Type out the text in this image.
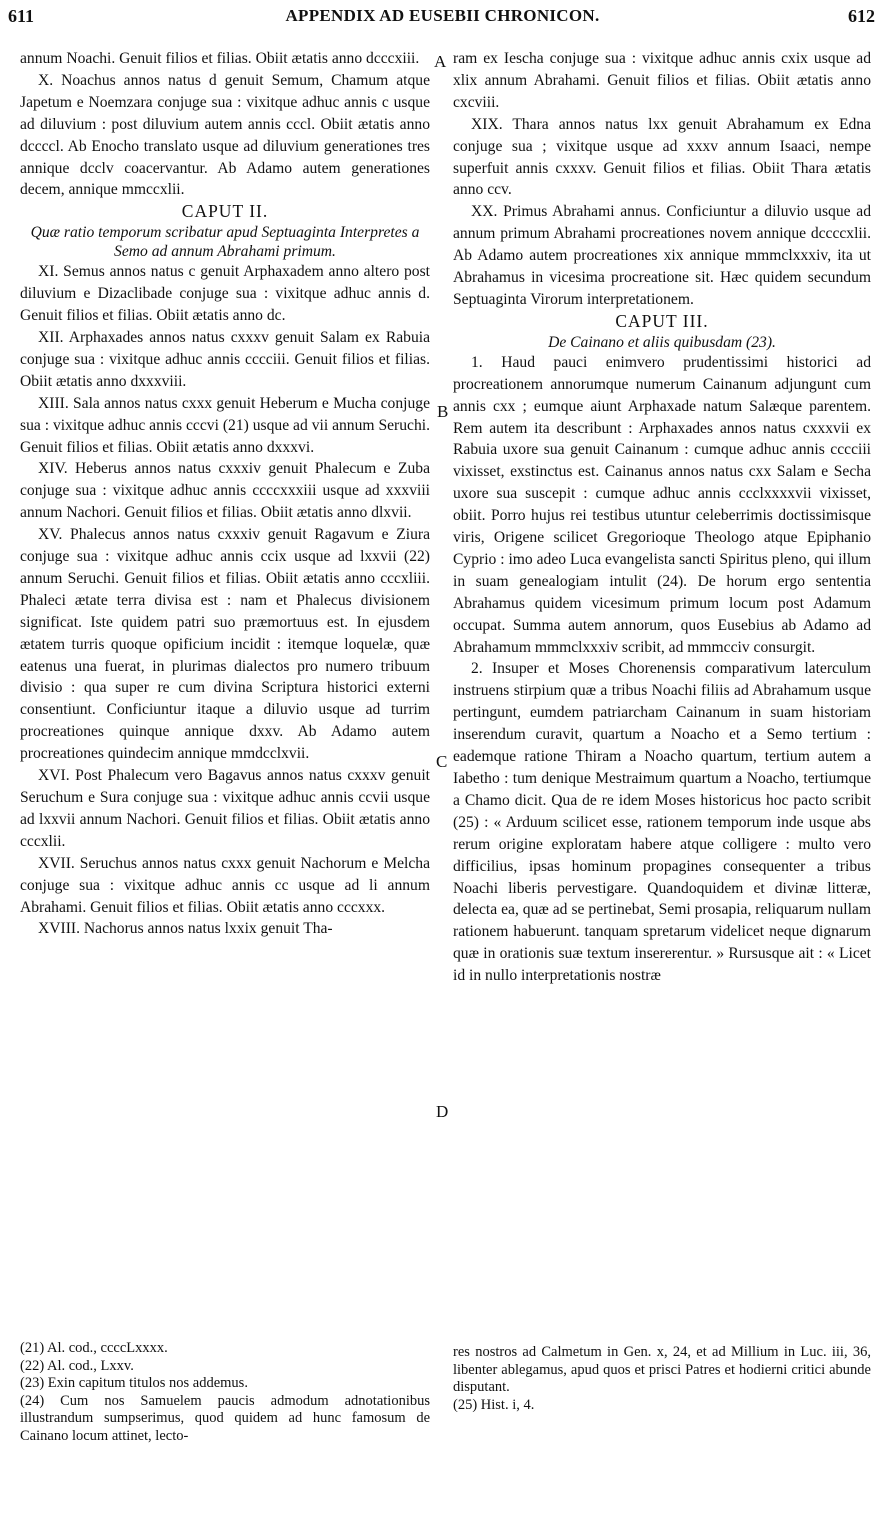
611	APPENDIX AD EUSEBII CHRONICON.	612
A
B
C
D

annum Noachi. Genuit filios et filias. Obiit ætatis anno dcccxiii.

X. Noachus annos natus d genuit Semum, Chamum atque Japetum e Noemzara conjuge sua : vixitque adhuc annis c usque ad diluvium : post diluvium autem annis cccl. Obiit ætatis anno dccccl. Ab Enocho translato usque ad diluvium generationes tres annique dcclv coacervantur. Ab Adamo autem generationes decem, annique mmccxlii.

CAPUT II.

Quæ ratio temporum scribatur apud Septuaginta Interpretes a Semo ad annum Abrahami primum.

XI. Semus annos natus c genuit Arphaxadem anno altero post diluvium e Dizaclibade conjuge sua : vixitque adhuc annis d. Genuit filios et filias. Obiit ætatis anno dc.

XII. Arphaxades annos natus cxxxv genuit Salam ex Rabuia conjuge sua : vixitque adhuc annis cccciii. Genuit filios et filias. Obiit ætatis anno dxxxviii.

XIII. Sala annos natus cxxx genuit Heberum e Mucha conjuge sua : vixitque adhuc annis cccvi (21) usque ad vii annum Seruchi. Genuit filios et filias. Obiit ætatis anno dxxxvi.

XIV. Heberus annos natus cxxxiv genuit Phalecum e Zuba conjuge sua : vixitque adhuc annis ccccxxxiii usque ad xxxviii annum Nachori. Genuit filios et filias. Obiit ætatis anno dlxvii.

XV. Phalecus annos natus cxxxiv genuit Ragavum e Ziura conjuge sua : vixitque adhuc annis ccix usque ad lxxvii (22) annum Seruchi. Genuit filios et filias. Obiit ætatis anno cccxliii. Phaleci ætate terra divisa est : nam et Phalecus divisionem significat. Iste quidem patri suo præmortuus est. In ejusdem ætatem turris quoque opificium incidit : itemque loquelæ, quæ eatenus una fuerat, in plurimas dialectos pro numero tribuum divisio : qua super re cum divina Scriptura historici externi consentiunt. Conficiuntur itaque a diluvio usque ad turrim procreationes quinque annique dxxv. Ab Adamo autem procreationes quindecim annique mmdcclxvii.

XVI. Post Phalecum vero Bagavus annos natus cxxxv genuit Seruchum e Sura conjuge sua : vixitque adhuc annis ccvii usque ad lxxvii annum Nachori. Genuit filios et filias. Obiit ætatis anno cccxlii.

XVII. Seruchus annos natus cxxx genuit Nachorum e Melcha conjuge sua : vixitque adhuc annis cc usque ad li annum Abrahami. Genuit filios et filias. Obiit ætatis anno cccxxx.

XVIII. Nachorus annos natus lxxix genuit Tha-

ram ex Iescha conjuge sua : vixitque adhuc annis cxix usque ad xlix annum Abrahami. Genuit filios et filias. Obiit ætatis anno cxcviii.

XIX. Thara annos natus lxx genuit Abrahamum ex Edna conjuge sua ; vixitque usque ad xxxv annum Isaaci, nempe superfuit annis cxxxv. Genuit filios et filias. Obiit Thara ætatis anno ccv.

XX. Primus Abrahami annus. Conficiuntur a diluvio usque ad annum primum Abrahami procreationes novem annique dccccxlii. Ab Adamo autem procreationes xix annique mmmclxxxiv, ita ut Abrahamus in vicesima procreatione sit. Hæc quidem secundum Septuaginta Virorum interpretationem.

CAPUT III.

De Cainano et aliis quibusdam (23).

1. Haud pauci enimvero prudentissimi historici ad procreationem annorumque numerum Cainanum adjungunt cum annis cxx ; eumque aiunt Arphaxade natum Salæque parentem. Rem autem ita describunt : Arphaxades annos natus cxxxvii ex Rabuia uxore sua genuit Cainanum : cumque adhuc annis cccciii vixisset, exstinctus est. Cainanus annos natus cxx Salam e Secha uxore sua suscepit : cumque adhuc annis ccclxxxxvii vixisset, obiit. Porro hujus rei testibus utuntur celeberrimis doctissimisque viris, Origene scilicet Gregorioque Theologo atque Epiphanio Cyprio : imo adeo Luca evangelista sancti Spiritus pleno, qui illum in suam genealogiam intulit (24). De horum ergo sententia Abrahamus quidem vicesimum primum locum post Adamum occupat. Summa autem annorum, quos Eusebius ab Adamo ad Abrahamum mmmclxxxiv scribit, ad mmmcciv consurgit.

2. Insuper et Moses Chorenensis comparativum laterculum instruens stirpium quæ a tribus Noachi filiis ad Abrahamum usque pertingunt, eumdem patriarcham Cainanum in suam historiam inserendum curavit, quartum a Noacho et a Semo tertium : eademque ratione Thiram a Noacho quartum, tertium autem a Iabetho : tum denique Mestraimum quartum a Noacho, tertiumque a Chamo dicit. Qua de re idem Moses historicus hoc pacto scribit (25) : « Arduum scilicet esse, rationem temporum inde usque abs rerum origine exploratam habere atque colligere : multo vero difficilius, ipsas hominum propagines consequenter a tribus Noachi liberis pervestigare. Quandoquidem et divinæ litteræ, delecta ea, quæ ad se pertinebat, Semi prosapia, reliquarum nullam rationem habuerunt. tanquam spretarum videlicet neque dignarum quæ in orationis suæ textum insererentur. » Rursusque ait : « Licet id in nullo interpretationis nostræ

(21) Al. cod., ccccLxxxx.

(22) Al. cod., Lxxv.

(23) Exin capitum titulos nos addemus.

(24) Cum nos Samuelem paucis admodum adnotationibus illustrandum sumpserimus, quod quidem ad hunc famosum de Cainano locum attinet, lecto-

res nostros ad Calmetum in Gen. x, 24, et ad Millium in Luc. iii, 36, libenter ablegamus, apud quos et prisci Patres et hodierni critici abunde disputant.

(25) Hist. i, 4.
